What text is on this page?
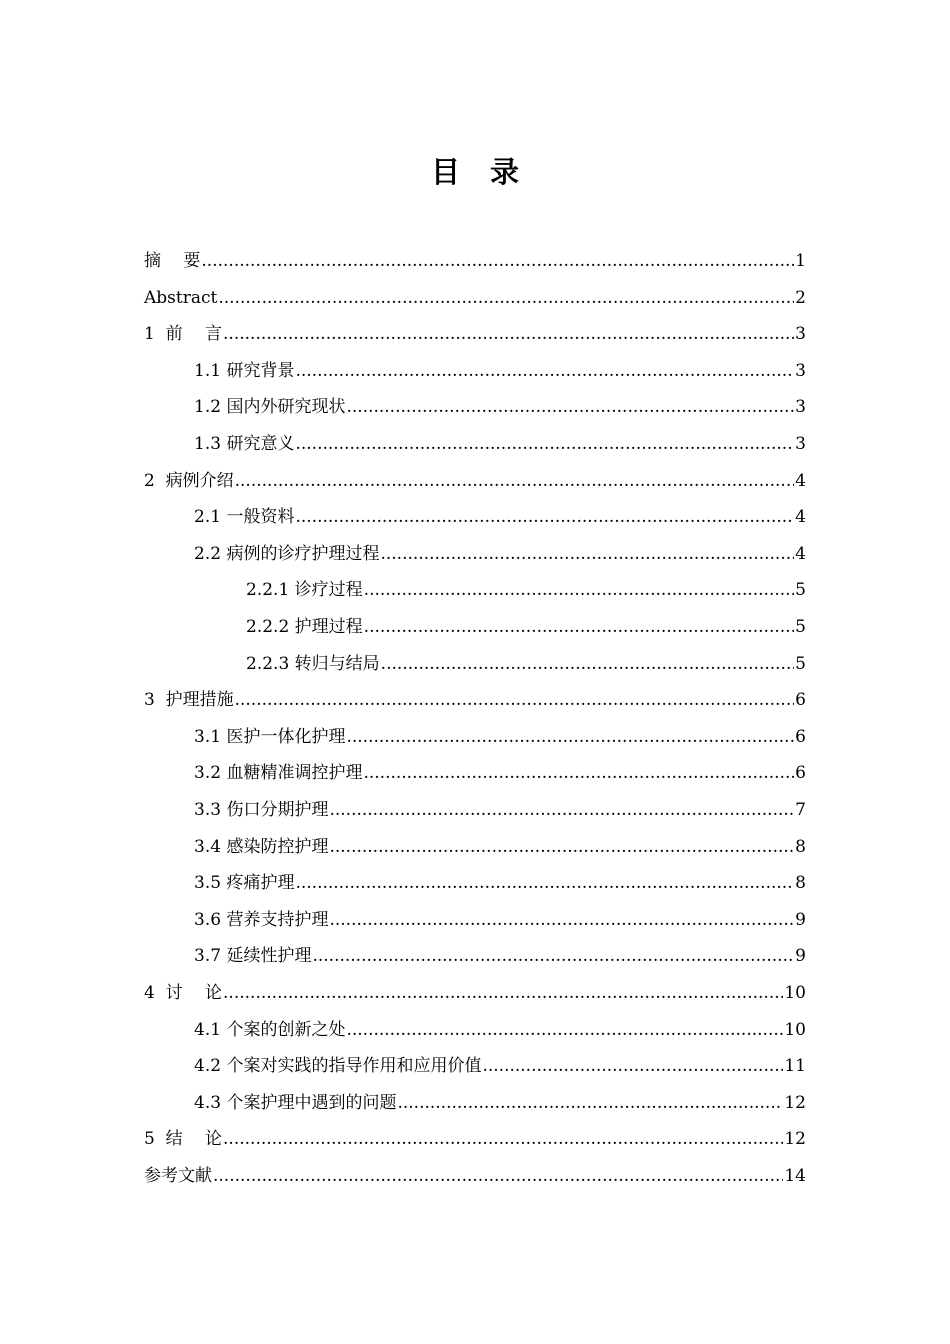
目 录
摘　 要 .....	1
Abstract .....	2
1  前　 言 .....	3
1.1 研究背景 .....	3
1.2 国内外研究现状 .....	3
1.3 研究意义 .....	3
2  病例介绍 .....	4
2.1 一般资料 .....	4
2.2 病例的诊疗护理过程 .....	4
2.2.1 诊疗过程 .....	5
2.2.2 护理过程 .....	5
2.2.3 转归与结局 .....	5
3  护理措施 .....	6
3.1 医护一体化护理 .....	6
3.2 血糖精准调控护理 .....	6
3.3 伤口分期护理 .....	7
3.4 感染防控护理 .....	8
3.5 疼痛护理 .....	8
3.6 营养支持护理 .....	9
3.7 延续性护理 .....	9
4  讨　 论 .....	10
4.1 个案的创新之处 .....	10
4.2 个案对实践的指导作用和应用价值 .....	11
4.3 个案护理中遇到的问题 .....	12
5  结　 论 .....	12
参考文献 .....	14
